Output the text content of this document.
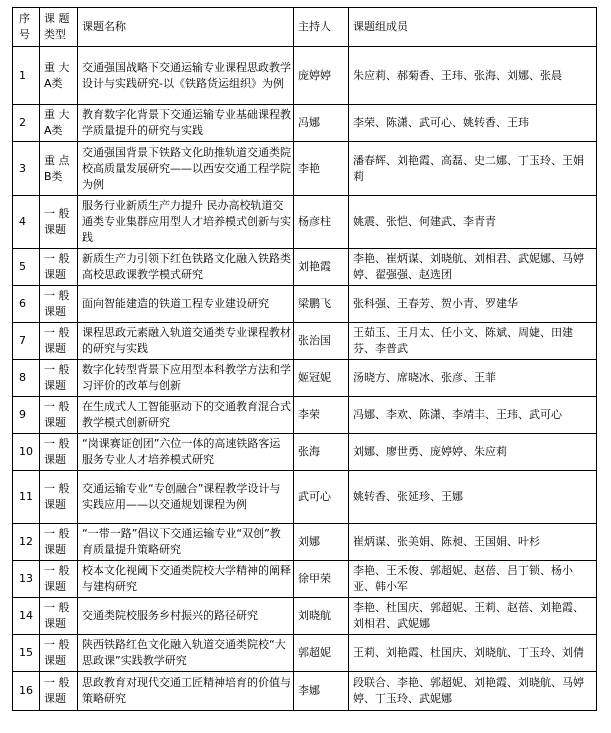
序号	课 题 类型	课题名称	主持人	课题组成员
1	重 大 A类	交通强国战略下交通运输专业课程思政教学设计与实践研究-以《铁路货运组织》为例	庞婷婷	朱应莉、郝菊香、王玮、张海、刘娜、张晨
2	重 大 A类	教育数字化背景下交通运输专业基础课程教学质量提升的研究与实践	冯娜	李荣、陈潇、武可心、姚转香、王玮
3	重 点 B类	交通强国背景下铁路文化助推轨道交通类院校高质量发展研究——以西安交通工程学院为例	李艳	潘春辉、刘艳霞、高磊、史二娜、丁玉玲、王娟莉
4	一 般 课题	服务行业新质生产力提升 民办高校轨道交通类专业集群应用型人才培养模式创新与实践	杨彦柱	姚震、张恺、何建武、李青青
5	一 般 课题	新质生产力引领下红色铁路文化融入铁路类高校思政课教学模式研究	刘艳霞	李艳、崔炳谋、刘晓航、刘相君、武妮娜、马婷婷、翟强强、赵选团
6	一 般 课题	面向智能建造的铁道工程专业建设研究	梁鹏飞	张科强、王春芳、贺小青、罗建华
7	一 般 课题	课程思政元素融入轨道交通类专业课程教材的研究与实践	张治国	王茹玉、王月太、任小文、陈斌、周婕、田建芬、李普武
8	一 般 课题	数字化转型背景下应用型本科教学方法和学习评价的改革与创新	姬冠妮	汤晓方、席晓冰、张彦、王菲
9	一 般 课题	在生成式人工智能驱动下的交通教育混合式教学模式创新研究	李荣	冯娜、李欢、陈潇、李靖丰、王玮、武可心
10	一 般 课题	“岗课赛证创团”六位一体的高速铁路客运服务专业人才培养模式研究	张海	刘娜、廖世勇、庞婷婷、朱应莉
11	一 般 课题	交通运输专业“专创融合”课程教学设计与实践应用——以交通规划课程为例	武可心	姚转香、张延珍、王娜
12	一 般 课题	“一带一路”倡议下交通运输专业“双创”教育质量提升策略研究	刘娜	崔炳谋、张美娟、陈昶、王国娟、叶杉
13	一 般 课题	校本文化视阈下交通类院校大学精神的阐释与建构研究	徐甲荣	李艳、王禾俊、郭超妮、赵蓓、吕丁锁、杨小亚、韩小军
14	一 般 课题	交通类院校服务乡村振兴的路径研究	刘晓航	李艳、杜国庆、郭超妮、王莉、赵蓓、刘艳霞、刘相君、武妮娜
15	一 般 课题	陕西铁路红色文化融入轨道交通类院校“大思政课”实践教学研究	郭超妮	王莉、刘艳霞、杜国庆、刘晓航、丁玉玲、刘倩
16	一 般 课题	思政教育对现代交通工匠精神培育的价值与策略研究	李娜	段联合、李艳、郭超妮、刘艳霞、刘晓航、马婷婷、丁玉玲、武妮娜
